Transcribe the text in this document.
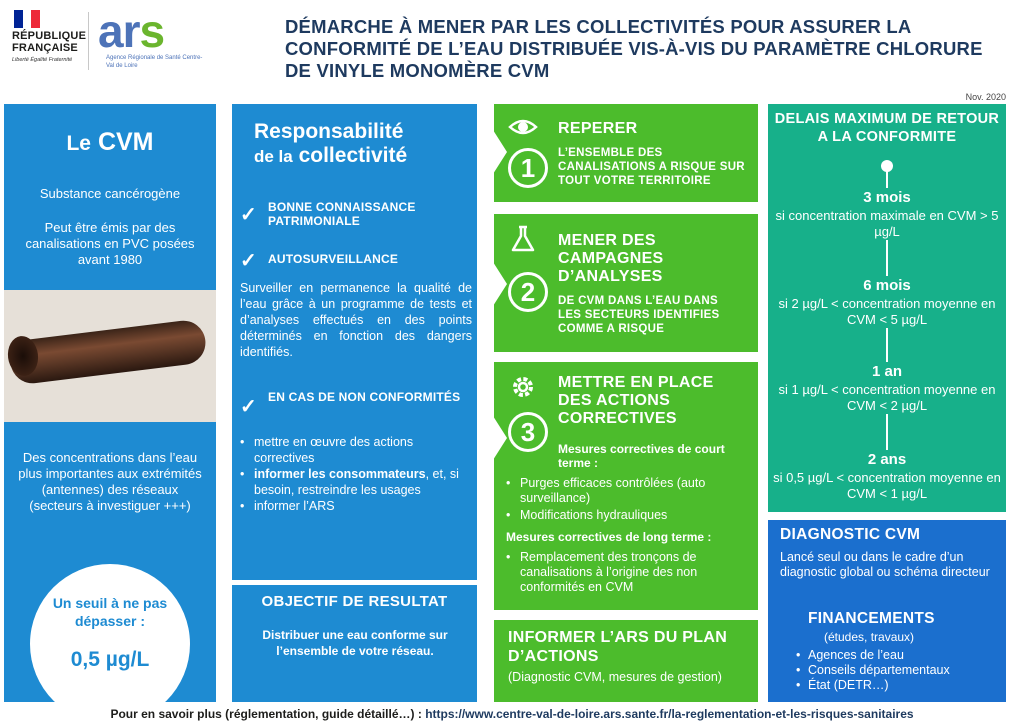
RÉPUBLIQUE FRANÇAISE
Liberté Égalité Fraternité
ars
Agence Régionale de Santé Centre-Val de Loire
DÉMARCHE À MENER PAR LES COLLECTIVITÉS POUR ASSURER LA CONFORMITÉ DE L’EAU DISTRIBUÉE VIS-À-VIS DU PARAMÈTRE CHLORURE DE VINYLE MONOMÈRE CVM
Nov. 2020
Le CVM
Substance cancérogène
Peut être émis par des canalisations en PVC posées avant 1980
Des concentrations dans l’eau plus importantes aux extrémités (antennes) des réseaux (secteurs à investiguer +++)
Un seuil à ne pas dépasser :
0,5 µg/L
Responsabilité
de la collectivité
✓ BONNE CONNAISSANCE PATRIMONIALE
✓ AUTOSURVEILLANCE
Surveiller en permanence la qualité de l’eau grâce à un programme de tests et d’analyses effectués en des points déterminés en fonction des dangers identifiés.
✓ EN CAS DE NON CONFORMITÉS
• mettre en œuvre des actions correctives
• informer les consommateurs, et, si besoin, restreindre les usages
• informer l’ARS
OBJECTIF DE RESULTAT
Distribuer une eau conforme sur l’ensemble de votre réseau.
1
REPERER
L’ENSEMBLE DES CANALISATIONS A RISQUE SUR TOUT VOTRE TERRITOIRE
2
MENER DES CAMPAGNES D’ANALYSES
DE CVM DANS L’EAU DANS LES SECTEURS IDENTIFIES COMME A RISQUE
3
METTRE EN PLACE DES ACTIONS CORRECTIVES
Mesures correctives de court terme :
• Purges efficaces contrôlées (auto surveillance)
• Modifications hydrauliques
Mesures correctives de long terme :
• Remplacement des tronçons de canalisations à l’origine des non conformités en CVM
INFORMER L’ARS DU PLAN D’ACTIONS
(Diagnostic CVM, mesures de gestion)
DELAIS MAXIMUM DE RETOUR A LA CONFORMITE
3 mois
si concentration maximale en CVM > 5 µg/L
6 mois
si 2 µg/L < concentration moyenne en CVM < 5 µg/L
1 an
si 1 µg/L < concentration moyenne en CVM < 2 µg/L
2 ans
si 0,5 µg/L < concentration moyenne en CVM < 1 µg/L
DIAGNOSTIC CVM
Lancé seul ou dans le cadre d’un diagnostic global ou schéma directeur
FINANCEMENTS
(études, travaux)
• Agences de l’eau
• Conseils départementaux
• État (DETR…)
Pour en savoir plus (réglementation, guide détaillé…) : https://www.centre-val-de-loire.ars.sante.fr/la-reglementation-et-les-risques-sanitaires
